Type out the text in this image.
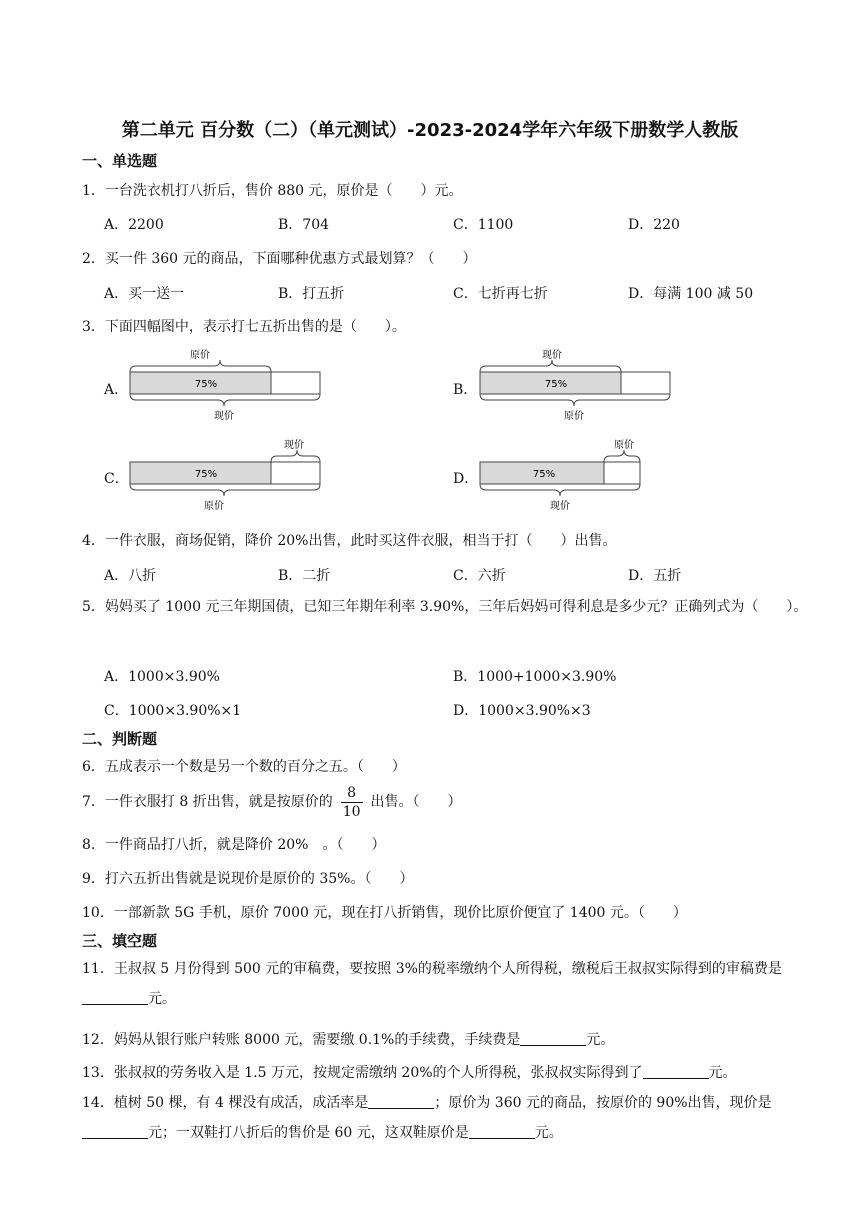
第二单元 百分数（二）（单元测试）-2023-2024学年六年级下册数学人教版
一、单选题
1．一台洗衣机打八折后，售价 880 元，原价是（　　）元。
A．2200	B．704	C．1100	D．220
2．买一件 360 元的商品，下面哪种优惠方式最划算？（　　）
A．买一送一	B．打五折	C．七折再七折	D．每满 100 减 50
3．下面四幅图中，表示打七五折出售的是（　　）。
A．
原价
75%
现价
B．
现价
75%
原价
C．
现价
75%
原价
D．
原价
75%
现价
4．一件衣服，商场促销，降价 20%出售，此时买这件衣服，相当于打（　　）出售。
A．八折	B．二折	C．六折	D．五折
5．妈妈买了 1000 元三年期国债，已知三年期年利率 3.90%，三年后妈妈可得利息是多少元？正确列式为（　　）。
A．1000×3.90%	B．1000+1000×3.90%
C．1000×3.90%×1	D．1000×3.90%×3
二、判断题
6．五成表示一个数是另一个数的百分之五。（　　）
7．一件衣服打 8 折出售，就是按原价的 $\frac{8}{10}$ 出售。（　　）
8．一件商品打八折，就是降价 20%　。（　　）
9．打六五折出售就是说现价是原价的 35%。（　　）
10．一部新款 5G 手机，原价 7000 元，现在打八折销售，现价比原价便宜了 1400 元。（　　）
三、填空题
11．王叔叔 5 月份得到 500 元的审稿费，要按照 3%的税率缴纳个人所得税，缴税后王叔叔实际得到的审稿费是元。
12．妈妈从银行账户转账 8000 元，需要缴 0.1%的手续费，手续费是	元。
13．张叔叔的劳务收入是 1.5 万元，按规定需缴纳 20%的个人所得税，张叔叔实际得到了	元。
14．植树 50 棵，有 4 棵没有成活，成活率是	；原价为 360 元的商品，按原价的 90%出售，现价是元；一双鞋打八折后的售价是 60 元，这双鞋原价是	元。
